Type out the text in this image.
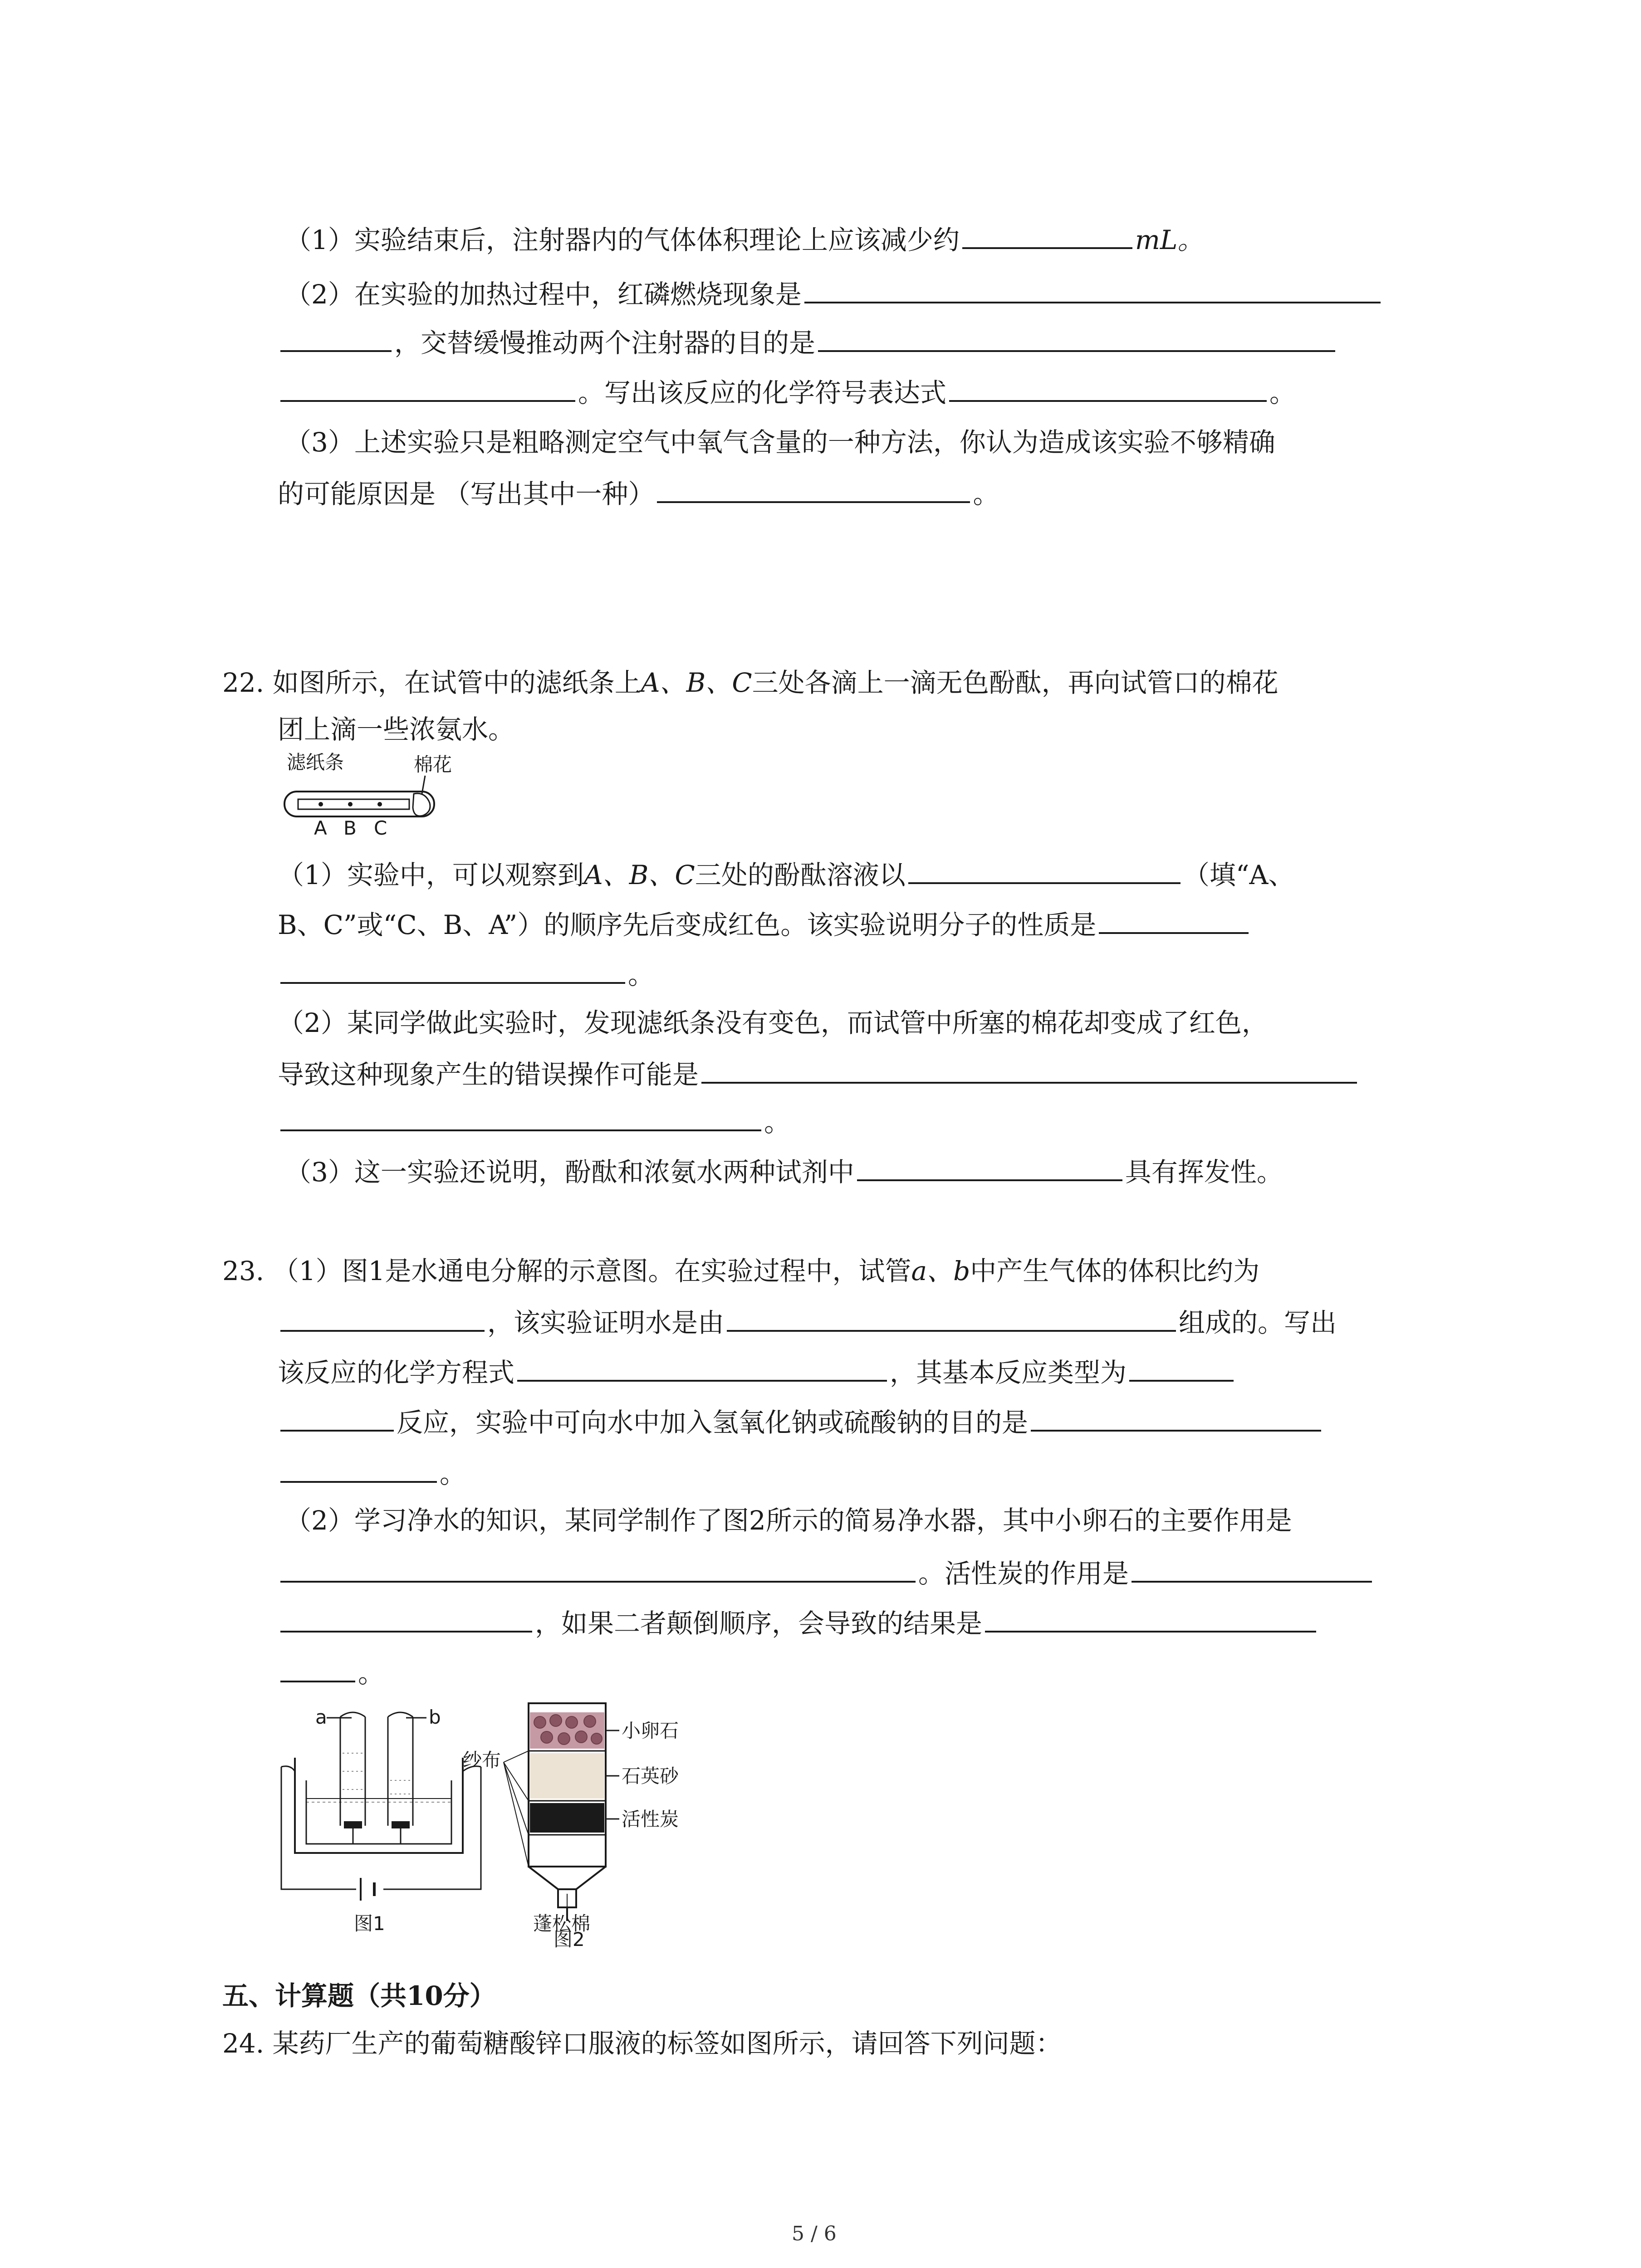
（1）实验结束后，注射器内的气体体积理论上应该减少约	mL。
（2）在实验的加热过程中，红磷燃烧现象是
，交替缓慢推动两个注射器的目的是
。写出该反应的化学符号表达式	。
（3）上述实验只是粗略测定空气中氧气含量的一种方法，你认为造成该实验不够精确
的可能原因是 （写出其中一种）	。
22. 如图所示，在试管中的滤纸条上A、B、C三处各滴上一滴无色酚酞，再向试管口的棉花
团上滴一些浓氨水。
滤纸条	棉花
A B C
（1）实验中，可以观察到A、B、C三处的酚酞溶液以	（填“A、
B、C”或“C、B、A”）的顺序先后变成红色。该实验说明分子的性质是
。
（2）某同学做此实验时，发现滤纸条没有变色，而试管中所塞的棉花却变成了红色，
导致这种现象产生的错误操作可能是
。
（3）这一实验还说明，酚酞和浓氨水两种试剂中	具有挥发性。
23. （1）图1是水通电分解的示意图。在实验过程中，试管a、b中产生气体的体积比约为
，该实验证明水是由	组成的。写出
该反应的化学方程式	，其基本反应类型为
反应，实验中可向水中加入氢氧化钠或硫酸钠的目的是
。
（2）学习净水的知识，某同学制作了图2所示的简易净水器，其中小卵石的主要作用是
。活性炭的作用是
，如果二者颠倒顺序，会导致的结果是
。
a	b
图1
小卵石
石英砂
活性炭
纱布
蓬松棉
图2
五、计算题（共10分）
24. 某药厂生产的葡萄糖酸锌口服液的标签如图所示，请回答下列问题：
5 / 6
